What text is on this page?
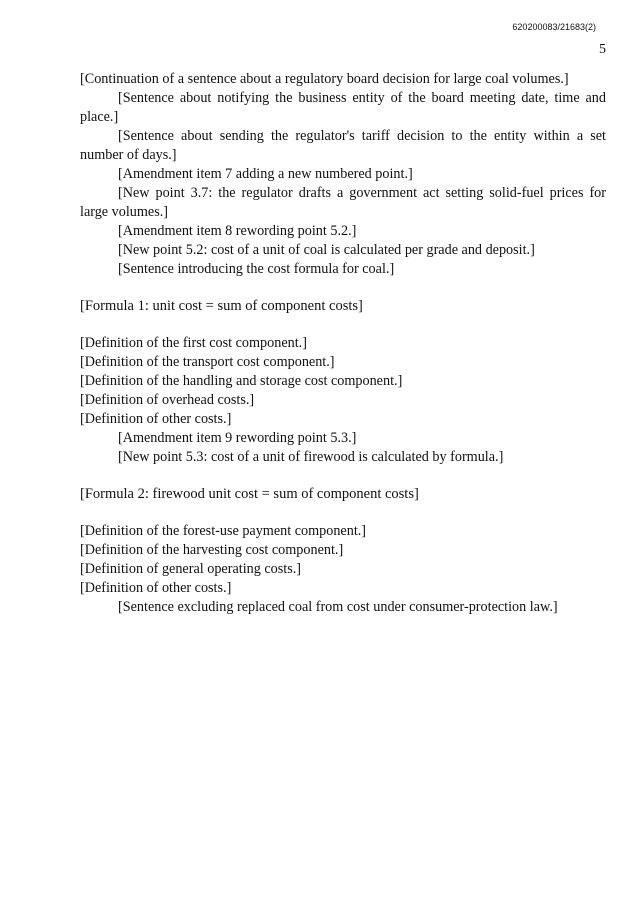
620200083/21683(2)
5

[Continuation of a sentence about a regulatory board decision for large coal volumes.]

[Sentence about notifying the business entity of the board meeting date, time and place.]

[Sentence about sending the regulator's tariff decision to the entity within a set number of days.]

[Amendment item 7 adding a new numbered point.]

[New point 3.7: the regulator drafts a government act setting solid-fuel prices for large volumes.]

[Amendment item 8 rewording point 5.2.]

[New point 5.2: cost of a unit of coal is calculated per grade and deposit.]

[Sentence introducing the cost formula for coal.]

[Formula 1: unit cost = sum of component costs]

[Definition of the first cost component.]

[Definition of the transport cost component.]

[Definition of the handling and storage cost component.]

[Definition of overhead costs.]

[Definition of other costs.]

[Amendment item 9 rewording point 5.3.]

[New point 5.3: cost of a unit of firewood is calculated by formula.]

[Formula 2: firewood unit cost = sum of component costs]

[Definition of the forest-use payment component.]

[Definition of the harvesting cost component.]

[Definition of general operating costs.]

[Definition of other costs.]

[Sentence excluding replaced coal from cost under consumer-protection law.]
